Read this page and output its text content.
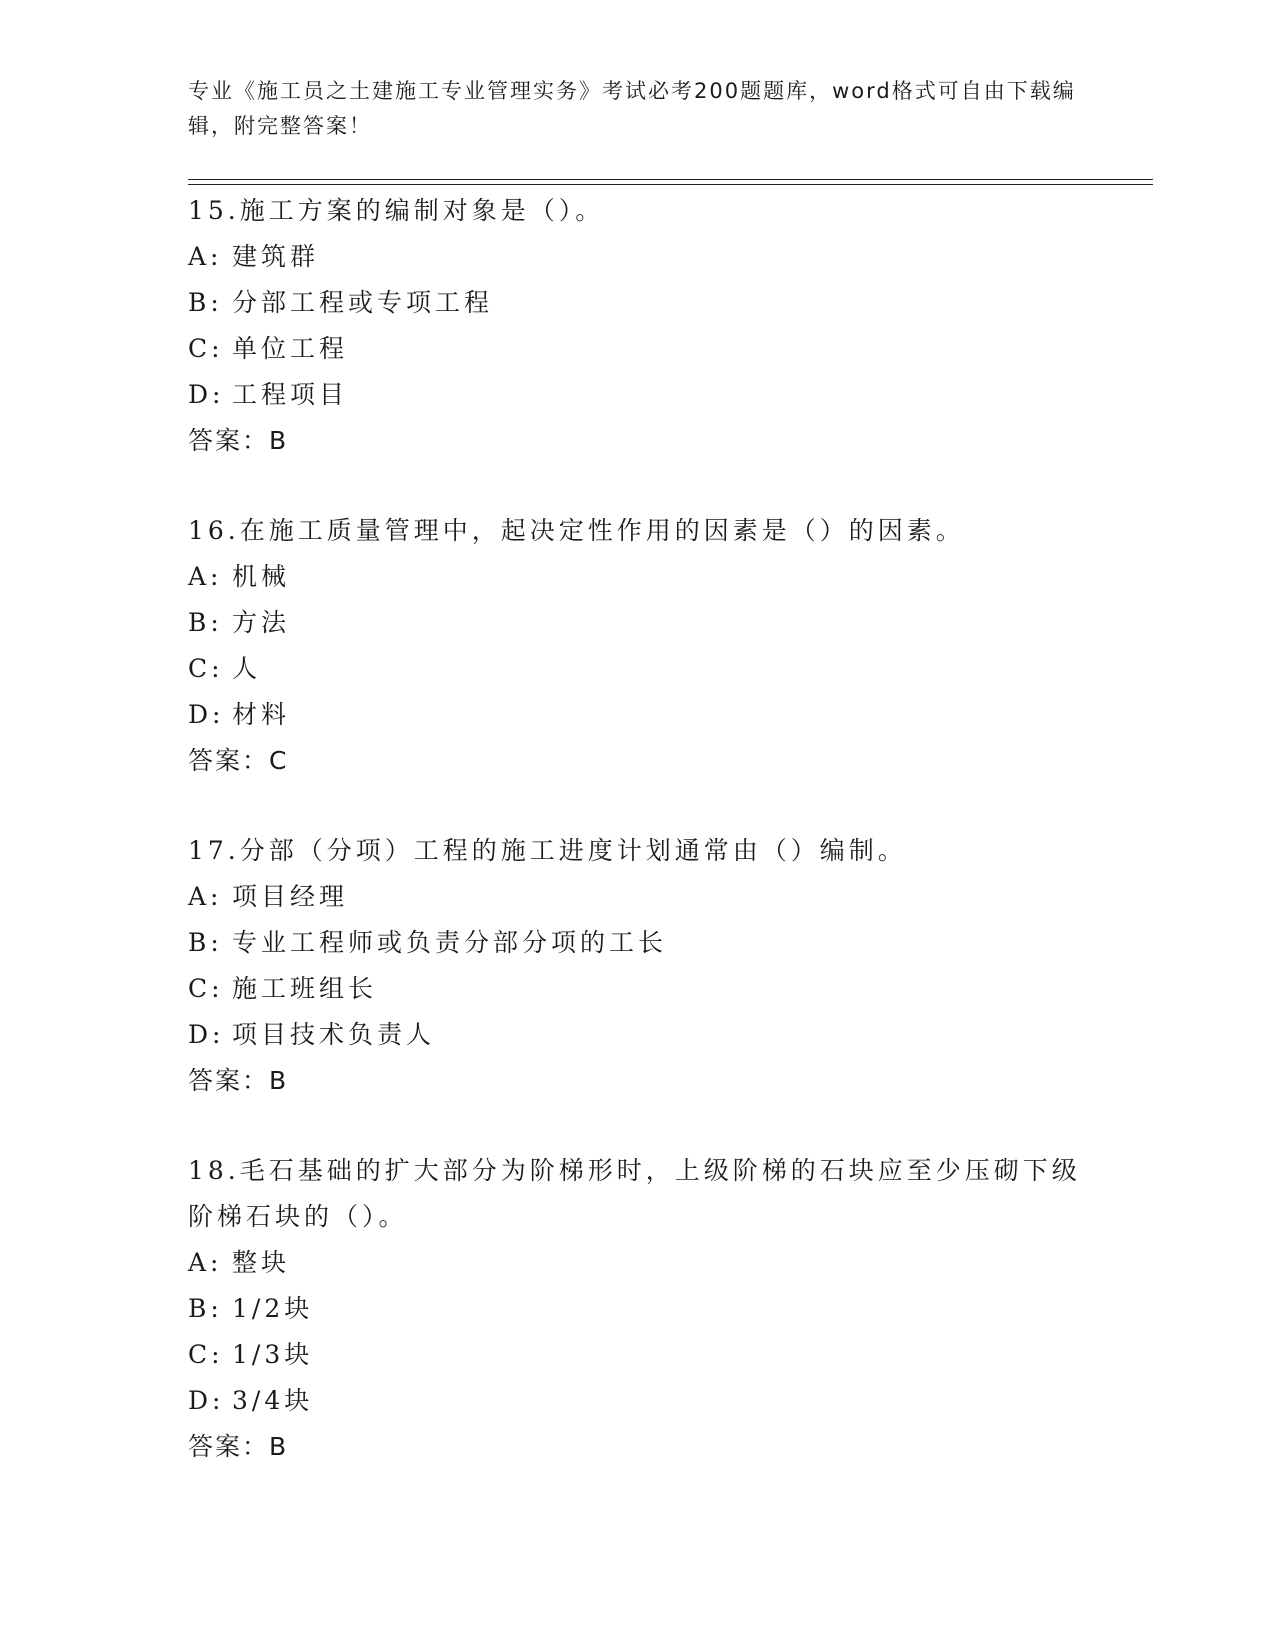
专业《施工员之土建施工专业管理实务》考试必考200题题库，word格式可自由下载编辑，附完整答案！
15.施工方案的编制对象是（）。
A: 建筑群
B: 分部工程或专项工程
C: 单位工程
D: 工程项目
答案：B
16.在施工质量管理中，起决定性作用的因素是（）的因素。
A: 机械
B: 方法
C: 人
D: 材料
答案：C
17.分部（分项）工程的施工进度计划通常由（）编制。
A: 项目经理
B: 专业工程师或负责分部分项的工长
C: 施工班组长
D: 项目技术负责人
答案：B
18.毛石基础的扩大部分为阶梯形时，上级阶梯的石块应至少压砌下级阶梯石块的（）。
A: 整块
B: 1/2块
C: 1/3块
D: 3/4块
答案：B
